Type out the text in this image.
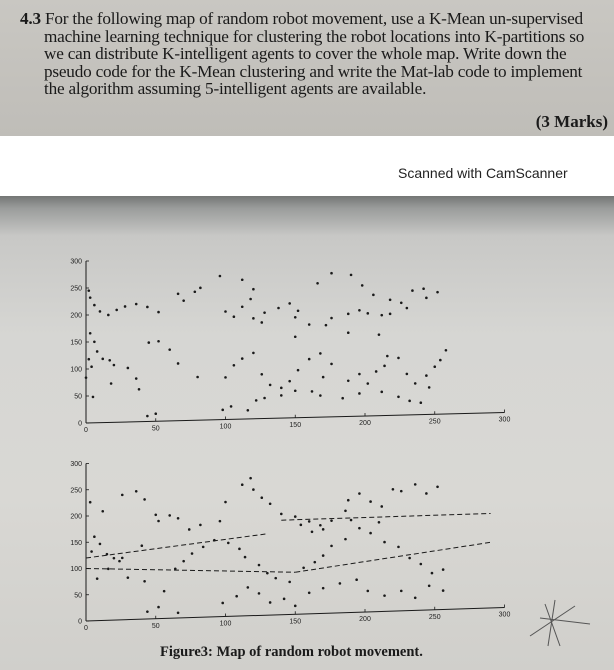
4.3 For the following map of random robot movement, use a K-Mean un-supervised

machine learning technique for clustering the robot locations into K-partitions so

we can distribute K-intelligent agents to cover the whole map. Write down the

pseudo code for the K-Mean clustering and write the Mat-lab code to implement

the algorithm assuming 5-intelligent agents are available.

(3 Marks)
Scanned with CamScanner
0	50	100	150	200	250	300
300
250
200
150
100
50
0
0	50	100	150	200	250	300
300
250
200
150
100
50
0
Figure3: Map of random robot movement.
